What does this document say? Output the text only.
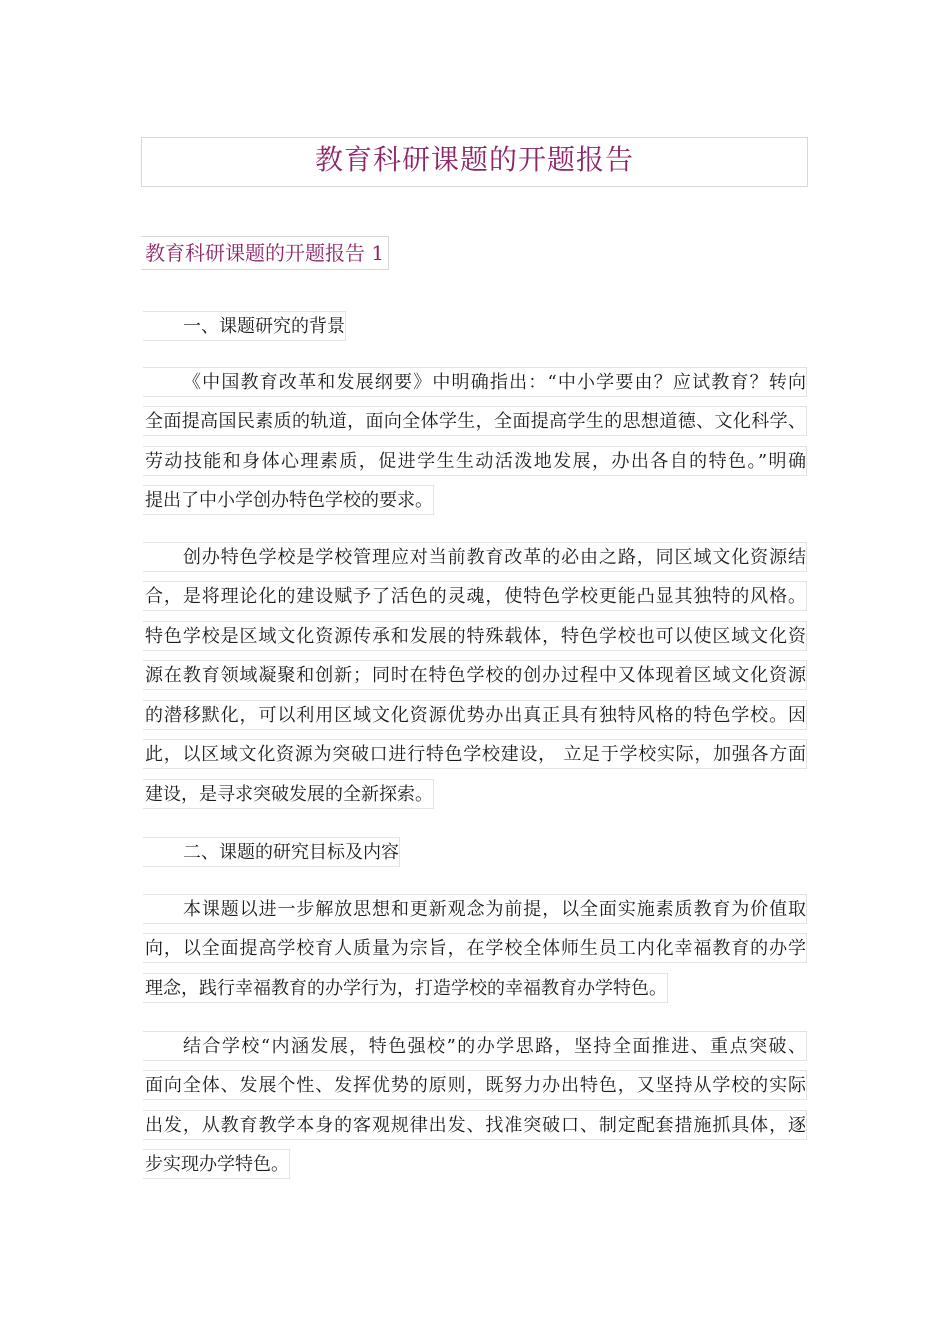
教育科研课题的开题报告
教育科研课题的开题报告 1
一、课题研究的背景
《中国教育改革和发展纲要》中明确指出：“中小学要由？应试教育？转向
全面提高国民素质的轨道，面向全体学生，全面提高学生的思想道德、文化科学、
劳动技能和身体心理素质，促进学生生动活泼地发展，办出各自的特色。”明确
提出了中小学创办特色学校的要求。
创办特色学校是学校管理应对当前教育改革的必由之路，同区域文化资源结
合，是将理论化的建设赋予了活色的灵魂，使特色学校更能凸显其独特的风格。
特色学校是区域文化资源传承和发展的特殊载体，特色学校也可以使区域文化资
源在教育领域凝聚和创新；同时在特色学校的创办过程中又体现着区域文化资源
的潜移默化，可以利用区域文化资源优势办出真正具有独特风格的特色学校。因
此，以区域文化资源为突破口进行特色学校建设， 立足于学校实际，加强各方面
建设，是寻求突破发展的全新探索。
二、课题的研究目标及内容
本课题以进一步解放思想和更新观念为前提，以全面实施素质教育为价值取
向，以全面提高学校育人质量为宗旨，在学校全体师生员工内化幸福教育的办学
理念，践行幸福教育的办学行为，打造学校的幸福教育办学特色。
结合学校“内涵发展，特色强校”的办学思路，坚持全面推进、重点突破、
面向全体、发展个性、发挥优势的原则，既努力办出特色，又坚持从学校的实际
出发，从教育教学本身的客观规律出发、找准突破口、制定配套措施抓具体，逐
步实现办学特色。
